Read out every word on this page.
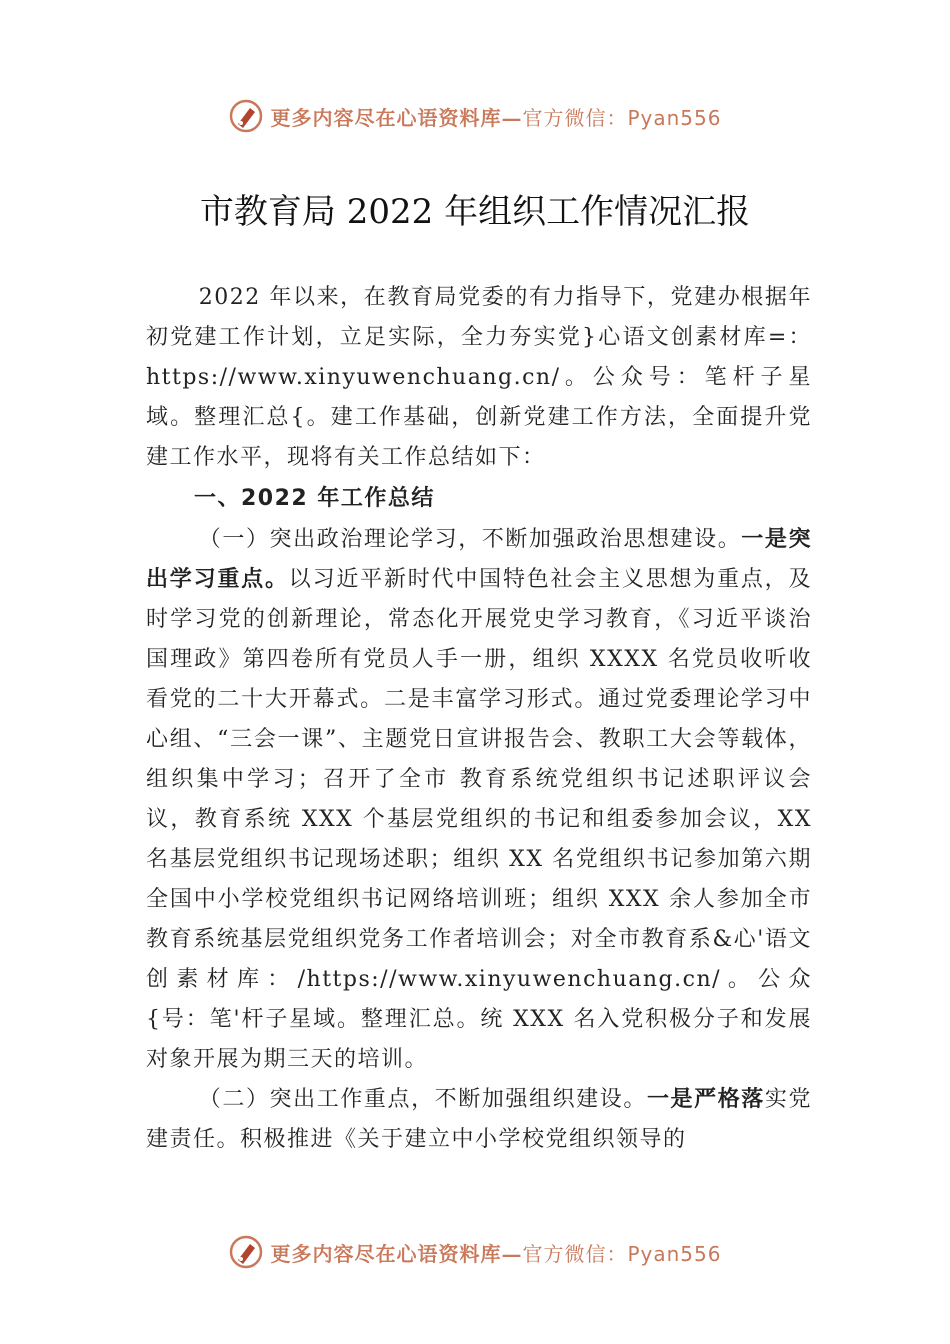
更多内容尽在心语资料库—官方微信：Pyan556
市教育局 2022 年组织工作情况汇报

2022 年以来，在教育局党委的有力指导下，党建办根据年初党建工作计划，立足实际，全力夯实党}心语文创素材库=：https://www.xinyuwenchuang.cn/。公众号：笔杆子星域。整理汇总{。建工作基础，创新党建工作方法，全面提升党建工作水平，现将有关工作总结如下：

一、2022 年工作总结

（一）突出政治理论学习，不断加强政治思想建设。一是突出学习重点。以习近平新时代中国特色社会主义思想为重点，及时学习党的创新理论，常态化开展党史学习教育，《习近平谈治国理政》第四卷所有党员人手一册，组织 XXXX 名党员收听收看党的二十大开幕式。二是丰富学习形式。通过党委理论学习中心组、“三会一课”、主题党日宣讲报告会、教职工大会等载体，组织集中学习；召开了全市 教育系统党组织书记述职评议会议，教育系统 XXX 个基层党组织的书记和组委参加会议，XX 名基层党组织书记现场述职；组织 XX 名党组织书记参加第六期全国中小学校党组织书记网络培训班；组织 XXX 余人参加全市教育系统基层党组织党务工作者培训会；对全市教育系&心'语文创素材库：/https://www.xinyuwenchuang.cn/。公众{号：笔'杆子星域。整理汇总。统 XXX 名入党积极分子和发展对象开展为期三天的培训。

（二）突出工作重点，不断加强组织建设。一是严格落实党建责任。积极推进《关于建立中小学校党组织领导的

更多内容尽在心语资料库—官方微信：Pyan556
